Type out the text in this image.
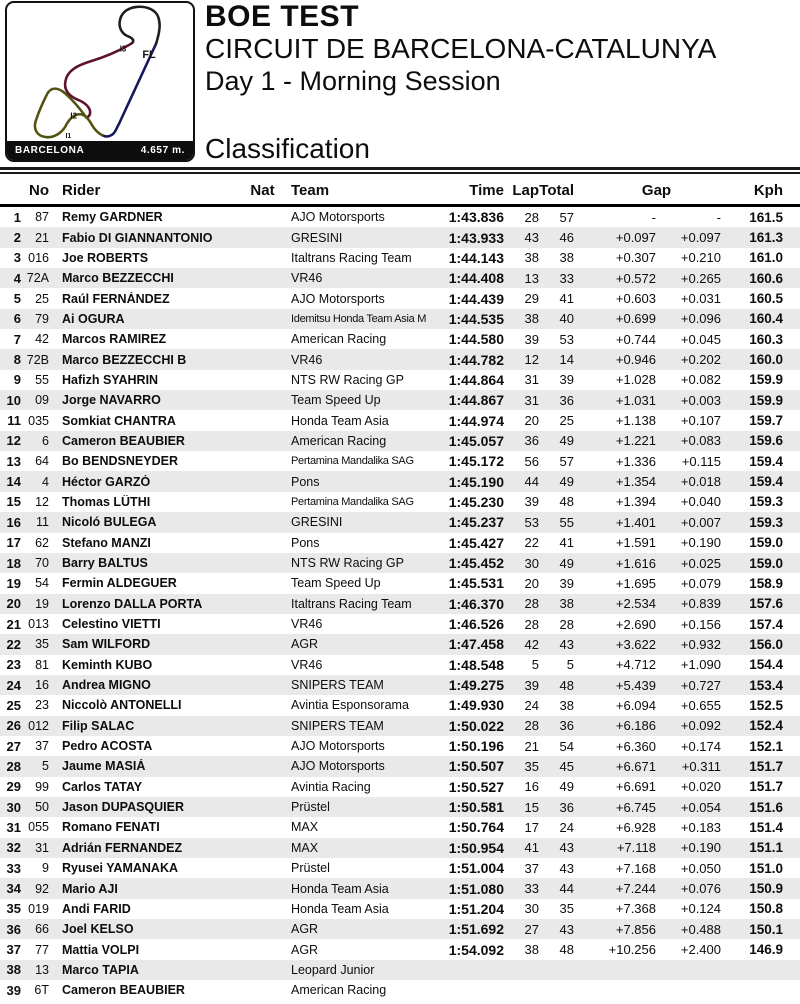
I3
FL
I2
I1
BARCELONA	4.657 m.
BOE TEST
CIRCUIT DE BARCELONA-CATALUNYA
Day 1 - Morning Session
Classification
No Rider	Nat	Team	Time Lap Total	Gap	Kph
1	87	Remy GARDNER	AJO Motorsports	1:43.836	28	57	-	-	161.5
2	21	Fabio DI GIANNANTONIO	GRESINI	1:43.933	43	46	+0.097	+0.097	161.3
3 016	Joe ROBERTS	Italtrans Racing Team	1:44.143	38	38	+0.307	+0.210	161.0
4 72A	Marco BEZZECCHI	VR46	1:44.408	13	33	+0.572	+0.265	160.6
5	25	Raúl FERNÁNDEZ	AJO Motorsports	1:44.439	29	41	+0.603	+0.031	160.5
6	79	Ai OGURA	Idemitsu Honda Team Asia M	1:44.535	38	40	+0.699	+0.096	160.4
7	42	Marcos RAMIREZ	American Racing	1:44.580	39	53	+0.744	+0.045	160.3
8 72B	Marco BEZZECCHI B	VR46	1:44.782	12	14	+0.946	+0.202	160.0
9	55	Hafizh SYAHRIN	NTS RW Racing GP	1:44.864	31	39	+1.028	+0.082	159.9
10	09	Jorge NAVARRO	Team Speed Up	1:44.867	31	36	+1.031	+0.003	159.9
11 035	Somkiat CHANTRA	Honda Team Asia	1:44.974	20	25	+1.138	+0.107	159.7
12	6	Cameron BEAUBIER	American Racing	1:45.057	36	49	+1.221	+0.083	159.6
13	64	Bo BENDSNEYDER	Pertamina Mandalika SAG	1:45.172	56	57	+1.336	+0.115	159.4
14	4	Héctor GARZÓ	Pons	1:45.190	44	49	+1.354	+0.018	159.4
15	12	Thomas LÜTHI	Pertamina Mandalika SAG	1:45.230	39	48	+1.394	+0.040	159.3
16	11	Nicoló BULEGA	GRESINI	1:45.237	53	55	+1.401	+0.007	159.3
17	62	Stefano MANZI	Pons	1:45.427	22	41	+1.591	+0.190	159.0
18	70	Barry BALTUS	NTS RW Racing GP	1:45.452	30	49	+1.616	+0.025	159.0
19	54	Fermin ALDEGUER	Team Speed Up	1:45.531	20	39	+1.695	+0.079	158.9
20	19	Lorenzo DALLA PORTA	Italtrans Racing Team	1:46.370	28	38	+2.534	+0.839	157.6
21 013	Celestino VIETTI	VR46	1:46.526	28	28	+2.690	+0.156	157.4
22	35	Sam WILFORD	AGR	1:47.458	42	43	+3.622	+0.932	156.0
23	81	Keminth KUBO	VR46	1:48.548	5	5	+4.712	+1.090	154.4
24	16	Andrea MIGNO	SNIPERS TEAM	1:49.275	39	48	+5.439	+0.727	153.4
25	23	Niccolò ANTONELLI	Avintia Esponsorama	1:49.930	24	38	+6.094	+0.655	152.5
26 012	Filip SALAC	SNIPERS TEAM	1:50.022	28	36	+6.186	+0.092	152.4
27	37	Pedro ACOSTA	AJO Motorsports	1:50.196	21	54	+6.360	+0.174	152.1
28	5	Jaume MASIÁ	AJO Motorsports	1:50.507	35	45	+6.671	+0.311	151.7
29	99	Carlos TATAY	Avintia Racing	1:50.527	16	49	+6.691	+0.020	151.7
30	50	Jason DUPASQUIER	Prüstel	1:50.581	15	36	+6.745	+0.054	151.6
31 055	Romano FENATI	MAX	1:50.764	17	24	+6.928	+0.183	151.4
32	31	Adrián FERNANDEZ	MAX	1:50.954	41	43	+7.118	+0.190	151.1
33	9	Ryusei YAMANAKA	Prüstel	1:51.004	37	43	+7.168	+0.050	151.0
34	92	Mario AJI	Honda Team Asia	1:51.080	33	44	+7.244	+0.076	150.9
35 019	Andi FARID	Honda Team Asia	1:51.204	30	35	+7.368	+0.124	150.8
36	66	Joel KELSO	AGR	1:51.692	27	43	+7.856	+0.488	150.1
37	77	Mattia VOLPI	AGR	1:54.092	38	48	+10.256	+2.400	146.9
38	13	Marco TAPIA	Leopard Junior
39	6T	Cameron BEAUBIER	American Racing
